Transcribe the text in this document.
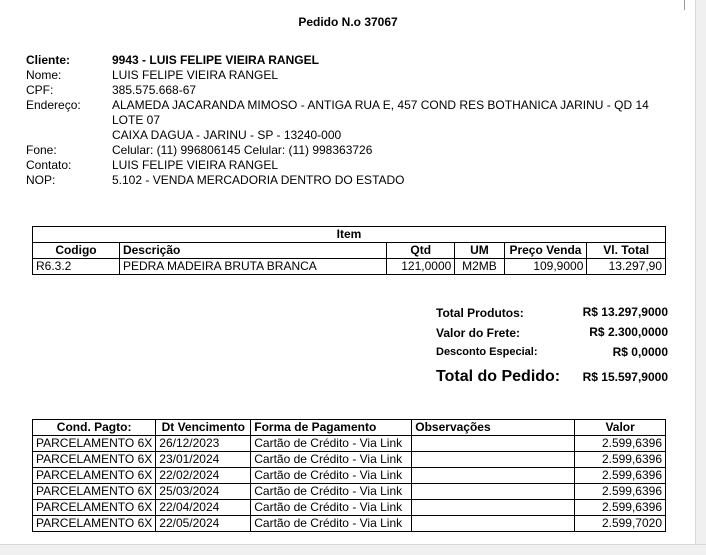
Pedido N.o 37067
Cliente:	9943 - LUIS FELIPE VIEIRA RANGEL
Nome:	LUIS FELIPE VIEIRA RANGEL
CPF:	385.575.668-67
Endereço:	ALAMEDA JACARANDA MIMOSO - ANTIGA RUA E, 457 COND RES BOTHANICA JARINU - QD 14
LOTE 07
CAIXA DAGUA - JARINU - SP - 13240-000
Fone:	Celular: (11) 996806145 Celular: (11) 998363726
Contato:	LUIS FELIPE VIEIRA RANGEL
NOP:	5.102 - VENDA MERCADORIA DENTRO DO ESTADO
Item					
Codigo	Descrição	Qtd	UM	Preço Venda	Vl. Total
R6.3.2	PEDRA MADEIRA BRUTA BRANCA	121,0000	M2MB	109,9000	13.297,90
Total Produtos:	R$ 13.297,9000
Valor do Frete:	R$ 2.300,0000
Desconto Especial:	R$ 0,0000
Total do Pedido: R$ 15.597,9000
Cond. Pagto:	Dt Vencimento	Forma de Pagamento	Observações	Valor
PARCELAMENTO 6X	26/12/2023	Cartão de Crédito - Via Link		2.599,6396
PARCELAMENTO 6X	23/01/2024	Cartão de Crédito - Via Link		2.599,6396
PARCELAMENTO 6X	22/02/2024	Cartão de Crédito - Via Link		2.599,6396
PARCELAMENTO 6X	25/03/2024	Cartão de Crédito - Via Link		2.599,6396
PARCELAMENTO 6X	22/04/2024	Cartão de Crédito - Via Link		2.599,6396
PARCELAMENTO 6X	22/05/2024	Cartão de Crédito - Via Link		2.599,7020
